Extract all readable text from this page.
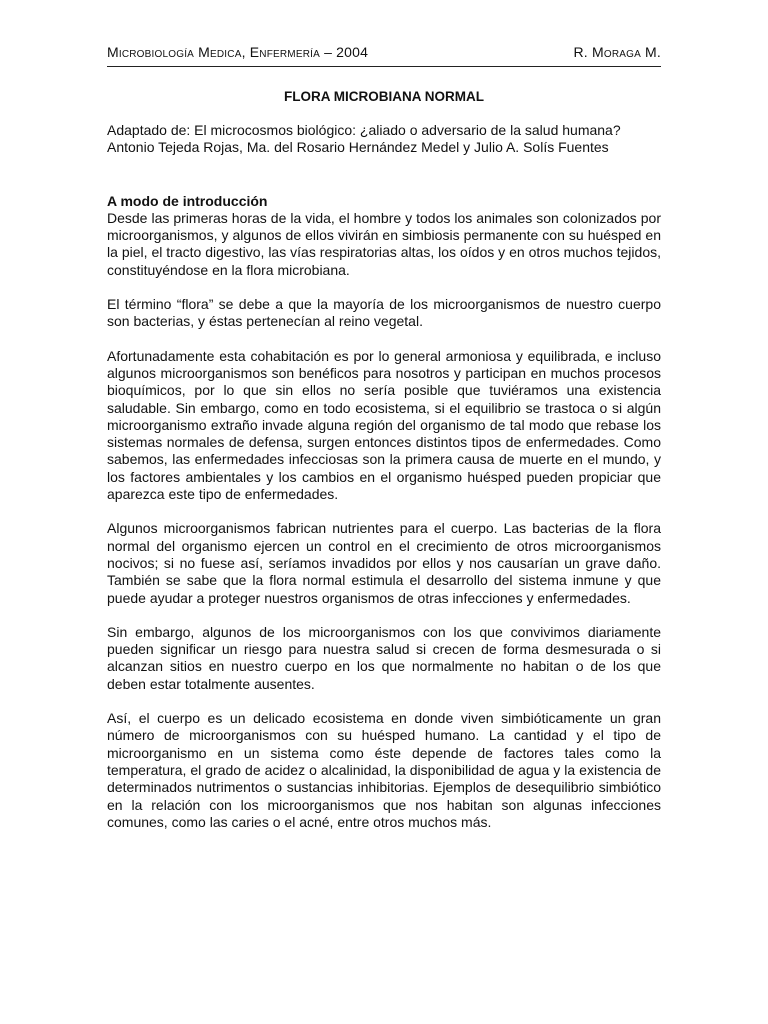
Microbiología Medica, Enfermería – 2004	R. Moraga M.
FLORA MICROBIANA NORMAL

Adaptado de: El microcosmos biológico: ¿aliado o adversario de la salud humana?

Antonio Tejeda Rojas, Ma. del Rosario Hernández Medel y Julio A. Solís Fuentes

A modo de introducción

Desde las primeras horas de la vida, el hombre y todos los animales son colonizados por microorganismos, y algunos de ellos vivirán en simbiosis permanente con su huésped en la piel, el tracto digestivo, las vías respiratorias altas, los oídos y en otros muchos tejidos, constituyéndose en la flora microbiana.

El término “flora” se debe a que la mayoría de los microorganismos de nuestro cuerpo son bacterias, y éstas pertenecían al reino vegetal.

Afortunadamente esta cohabitación es por lo general armoniosa y equilibrada, e incluso algunos microorganismos son benéficos para nosotros y participan en muchos procesos bioquímicos, por lo que sin ellos no sería posible que tuviéramos una existencia saludable. Sin embargo, como en todo ecosistema, si el equilibrio se trastoca o si algún microorganismo extraño invade alguna región del organismo de tal modo que rebase los sistemas normales de defensa, surgen entonces distintos tipos de enfermedades. Como sabemos, las enfermedades infecciosas son la primera causa de muerte en el mundo, y los factores ambientales y los cambios en el organismo huésped pueden propiciar que aparezca este tipo de enfermedades.

Algunos microorganismos fabrican nutrientes para el cuerpo. Las bacterias de la flora normal del organismo ejercen un control en el crecimiento de otros microorganismos nocivos; si no fuese así, seríamos invadidos por ellos y nos causarían un grave daño. También se sabe que la flora normal estimula el desarrollo del sistema inmune y que puede ayudar a proteger nuestros organismos de otras infecciones y enfermedades.

Sin embargo, algunos de los microorganismos con los que convivimos diariamente pueden significar un riesgo para nuestra salud si crecen de forma desmesurada o si alcanzan sitios en nuestro cuerpo en los que normalmente no habitan o de los que deben estar totalmente ausentes.

Así, el cuerpo es un delicado ecosistema en donde viven simbióticamente un gran número de microorganismos con su huésped humano. La cantidad y el tipo de microorganismo en un sistema como éste depende de factores tales como la temperatura, el grado de acidez o alcalinidad, la disponibilidad de agua y la existencia de determinados nutrimentos o sustancias inhibitorias. Ejemplos de desequilibrio simbiótico en la relación con los microorganismos que nos habitan son algunas infecciones comunes, como las caries o el acné, entre otros muchos más.
